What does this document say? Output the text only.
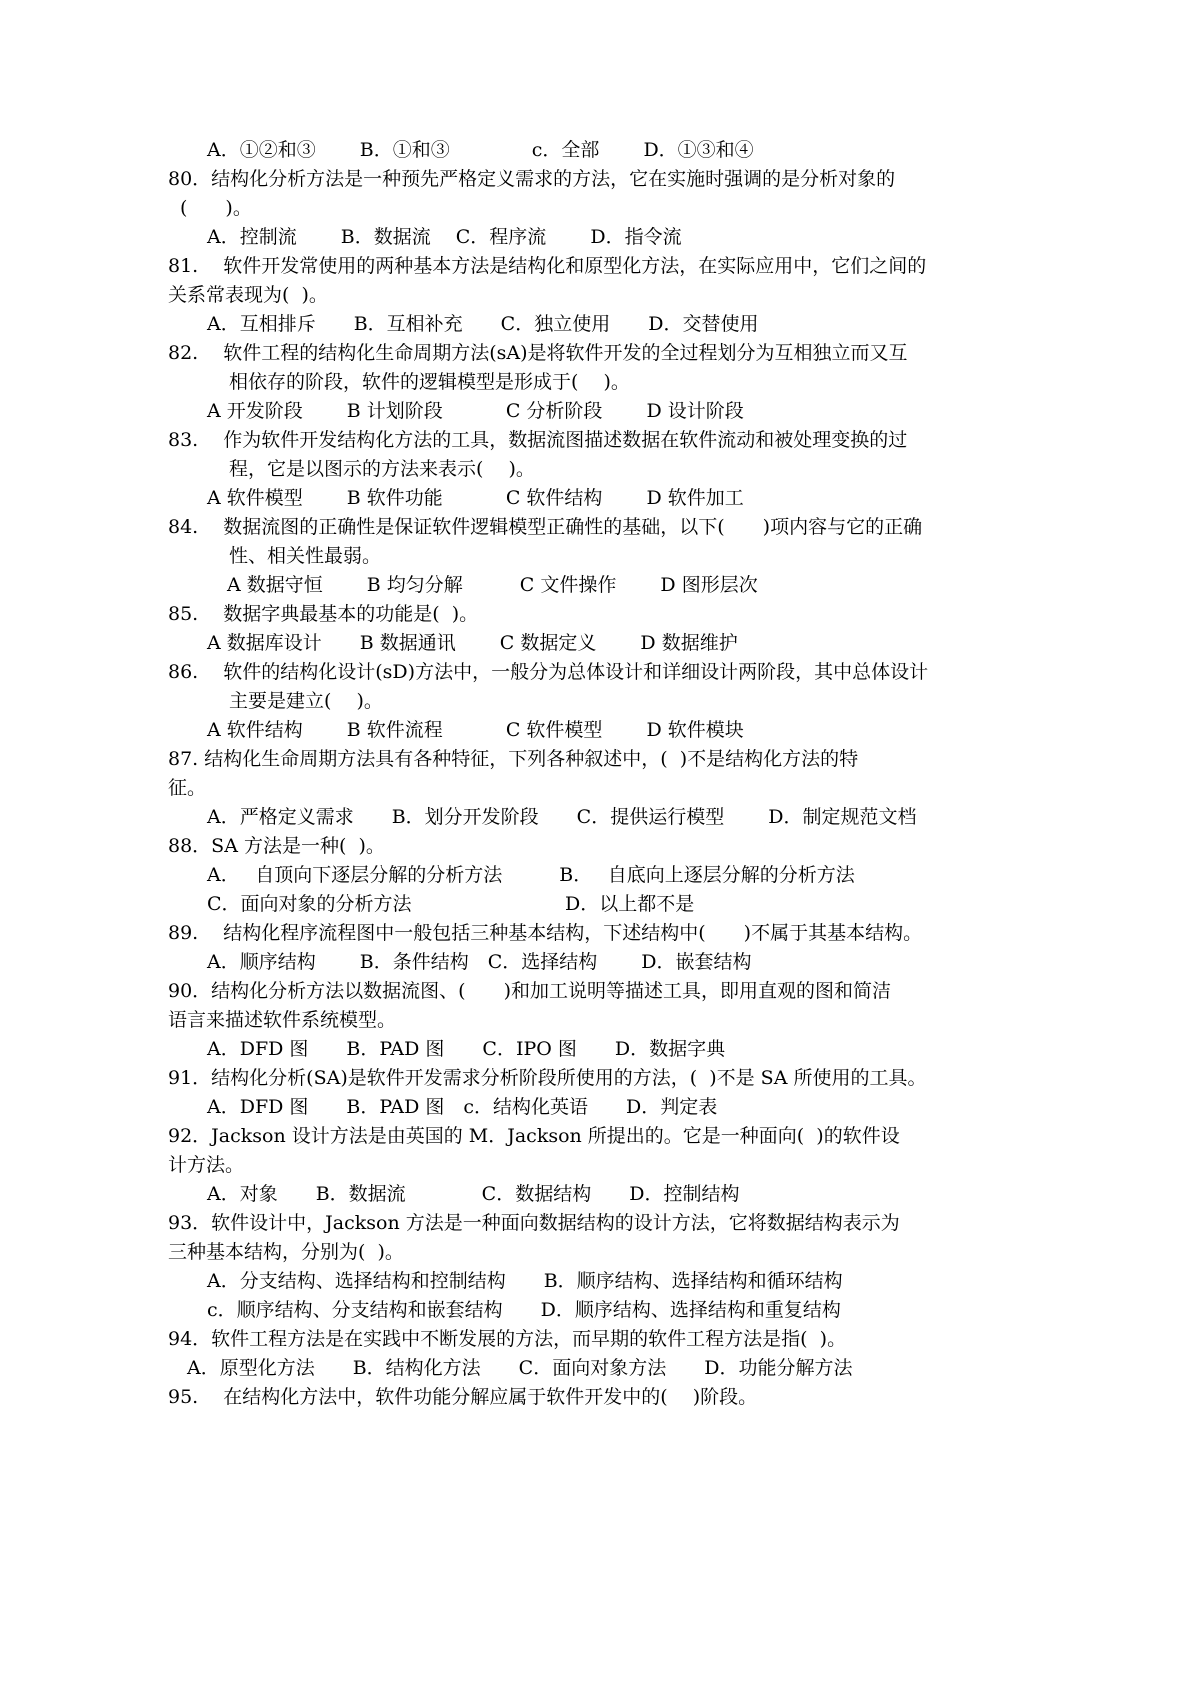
A．①②和③　　 B．①和③　　　　 c．全部　　 D．①③和④
80．结构化分析方法是一种预先严格定义需求的方法，它在实施时强调的是分析对象的
(　　)。
A．控制流　　 B．数据流　 C．程序流　　 D．指令流
81.　 软件开发常使用的两种基本方法是结构化和原型化方法，在实际应用中，它们之间的
关系常表现为(  )。
A．互相排斥　　B．互相补充　　C．独立使用　　D．交替使用
82.　 软件工程的结构化生命周期方法(sA)是将软件开发的全过程划分为互相独立而又互
相依存的阶段，软件的逻辑模型是形成于(　 )。
A 开发阶段　　 B 计划阶段　　　 C 分析阶段　　 D 设计阶段
83.　 作为软件开发结构化方法的工具，数据流图描述数据在软件流动和被处理变换的过
程，它是以图示的方法来表示(　 )。
A 软件模型　　 B 软件功能　　　 C 软件结构　　 D 软件加工
84.　 数据流图的正确性是保证软件逻辑模型正确性的基础，以下(　　)项内容与它的正确
性、相关性最弱。
A 数据守恒　　 B 均匀分解　　　C 文件操作　　 D 图形层次
85.　 数据字典最基本的功能是(  )。
A 数据库设计　　B 数据通讯　　 C 数据定义　　 D 数据维护
86.　 软件的结构化设计(sD)方法中，一般分为总体设计和详细设计两阶段，其中总体设计
主要是建立(　 )。
A 软件结构　　 B 软件流程　　　 C 软件模型　　 D 软件模块
87. 结构化生命周期方法具有各种特征，下列各种叙述中，(  )不是结构化方法的特
征。
A．严格定义需求　　B．划分开发阶段　　C．提供运行模型　　 D．制定规范文档
88．SA 方法是一种(  )。
A．　 自顶向下逐层分解的分析方法　　　B．　 自底向上逐层分解的分析方法
C．面向对象的分析方法	D．以上都不是
89.　 结构化程序流程图中一般包括三种基本结构，下述结构中(　　)不属于其基本结构。
A．顺序结构　　 B．条件结构　C．选择结构　　 D．嵌套结构
90．结构化分析方法以数据流图、(　　)和加工说明等描述工具，即用直观的图和简洁
语言来描述软件系统模型。
A．DFD 图　　B．PAD 图　　C．IPO 图　　D．数据字典
91．结构化分析(SA)是软件开发需求分析阶段所使用的方法，(  )不是 SA 所使用的工具。
A．DFD 图　　B．PAD 图　c．结构化英语　　D．判定表
92．Jackson 设计方法是由英国的 M．Jackson 所提出的。它是一种面向(  )的软件设
计方法。
A．对象　　B．数据流　　　　C．数据结构　　D．控制结构
93．软件设计中，Jackson 方法是一种面向数据结构的设计方法，它将数据结构表示为
三种基本结构，分别为(  )。
A．分支结构、选择结构和控制结构　　B．顺序结构、选择结构和循环结构
c．顺序结构、分支结构和嵌套结构　　D．顺序结构、选择结构和重复结构
94．软件工程方法是在实践中不断发展的方法，而早期的软件工程方法是指(  )。
A．原型化方法　　B．结构化方法　　C．面向对象方法　　D．功能分解方法
95.　 在结构化方法中，软件功能分解应属于软件开发中的(　 )阶段。
